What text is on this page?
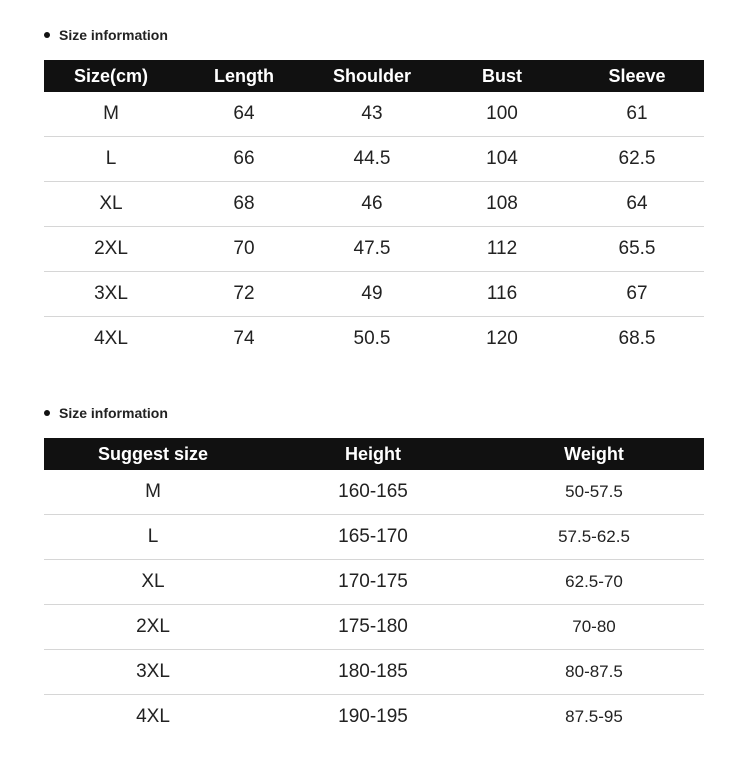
Size information
Size(cm)	Length	Shoulder	Bust	Sleeve
M	64	43	100	61
L	66	44.5	104	62.5
XL	68	46	108	64
2XL	70	47.5	112	65.5
3XL	72	49	116	67
4XL	74	50.5	120	68.5
Size information
Suggest size	Height	Weight
M	160-165	50-57.5
L	165-170	57.5-62.5
XL	170-175	62.5-70
2XL	175-180	70-80
3XL	180-185	80-87.5
4XL	190-195	87.5-95
